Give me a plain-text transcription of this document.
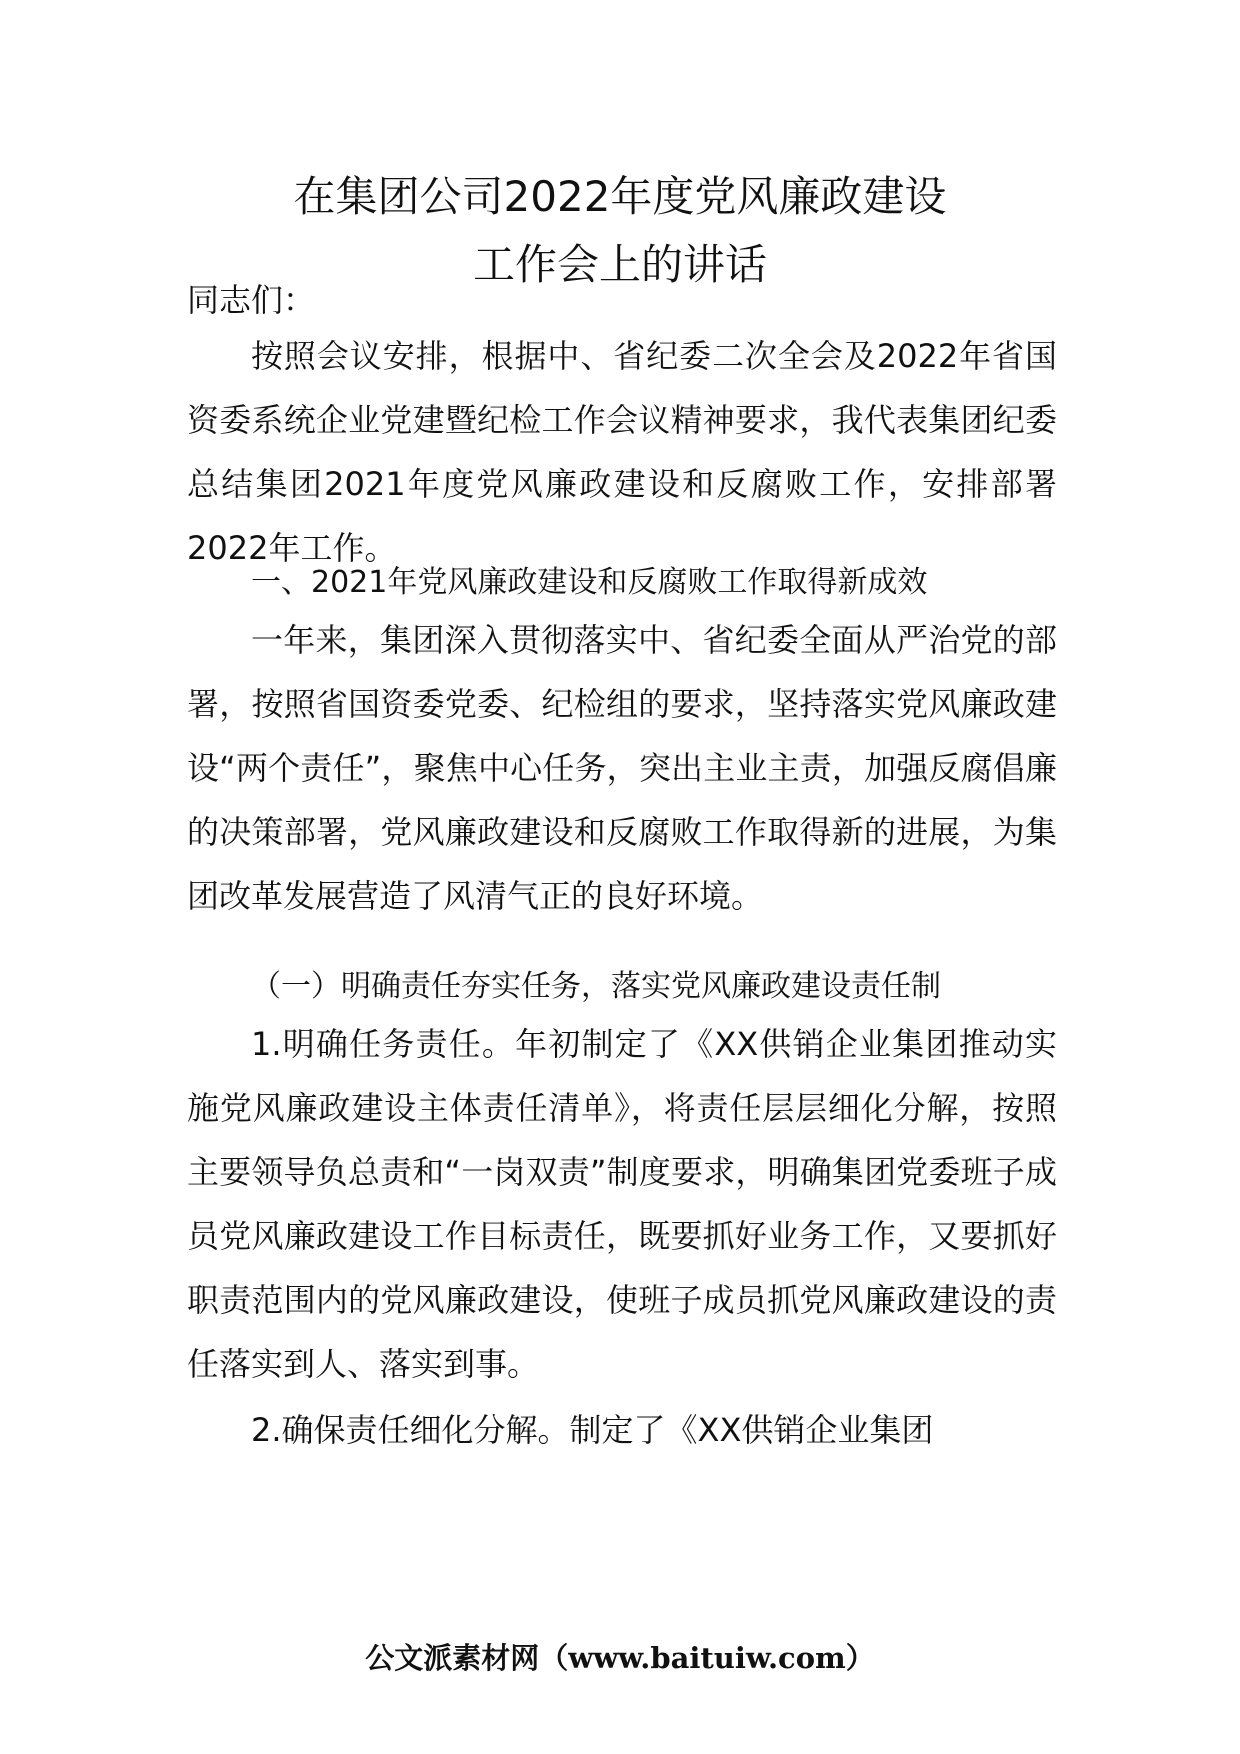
在集团公司2022年度党风廉政建设
工作会上的讲话

同志们：

按照会议安排，根据中、省纪委二次全会及2022年省国资委系统企业党建暨纪检工作会议精神要求，我代表集团纪委总结集团2021年度党风廉政建设和反腐败工作，安排部署2022年工作。

一、2021年党风廉政建设和反腐败工作取得新成效

一年来，集团深入贯彻落实中、省纪委全面从严治党的部署，按照省国资委党委、纪检组的要求，坚持落实党风廉政建设“两个责任”，聚焦中心任务，突出主业主责，加强反腐倡廉的决策部署，党风廉政建设和反腐败工作取得新的进展，为集团改革发展营造了风清气正的良好环境。

（一）明确责任夯实任务，落实党风廉政建设责任制

1.明确任务责任。年初制定了《XX供销企业集团推动实施党风廉政建设主体责任清单》，将责任层层细化分解，按照主要领导负总责和“一岗双责”制度要求，明确集团党委班子成员党风廉政建设工作目标责任，既要抓好业务工作，又要抓好职责范围内的党风廉政建设，使班子成员抓党风廉政建设的责任落实到人、落实到事。

2.确保责任细化分解。制定了《XX供销企业集团

公文派素材网（www.baituiw.com）
